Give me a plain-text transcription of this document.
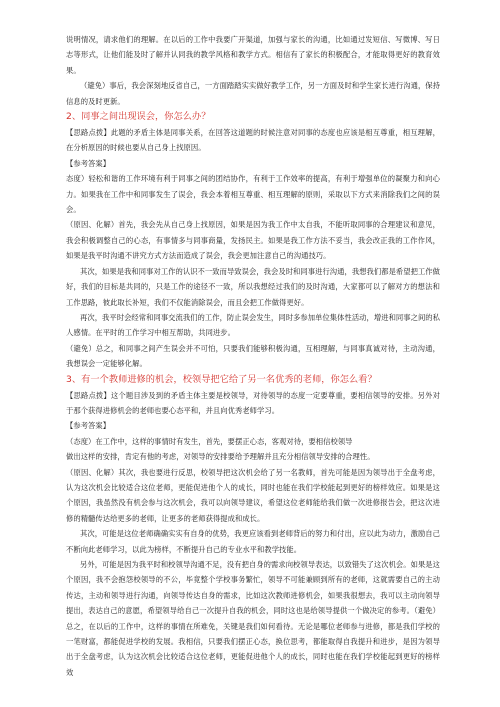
说明情况，请求他们的理解。在以后的工作中我要广开渠道，加强与家长的沟通，比如通过发短信、写微博、写日志等形式，让他们能及时了解并认同我的教学风格和教学方式。相信有了家长的积极配合，才能取得更好的教育效果。

（避免）事后，我会深刻地反省自己，一方面踏踏实实做好教学工作，另一方面及时和学生家长进行沟通，保持信息的及时更新。

2、同事之间出现误会，你怎么办？

【思路点拨】此题的矛盾主体是同事关系，在回答这道题的时候注意对同事的态度也应该是相互尊重，相互理解，在分析原因的时候也要从自己身上找原因。

【参考答案】

态度）轻松和谐的工作环境有利于同事之间的团结协作，有利于工作效率的提高，有利于增强单位的凝聚力和向心力。如果我在工作中和同事发生了误会，我会本着相互尊重、相互理解的原则，采取以下方式来消除我们之间的误会。

（原因、化解）首先，我会先从自己身上找原因，如果是因为我工作中太自我，不能听取同事的合理建议和意见，我会积极调整自己的心态，有事情多与同事商量，发扬民主。如果是我工作方法不妥当，我会改正我的工作作风，如果是我平时沟通不讲究方式方法而造成了误会，我会更加注意自己的沟通技巧。

其次，如果是我和同事对工作的认识不一致而导致误会，我会及时和同事进行沟通，我想我们都是希望把工作做好，我们的目标是共同的，只是工作的途径不一致，所以我想经过我们的及时沟通，大家都可以了解对方的想法和工作思路，彼此取长补短，我们不仅能消除误会，而且会把工作做得更好。

再次，我平时会经常和同事交流我们的工作，防止误会发生，同时多参加单位集体性活动，增进和同事之间的私人感情。在平时的工作学习中相互帮助，共同进步。

（避免）总之，和同事之间产生误会并不可怕，只要我们能够积极沟通，互相理解，与同事真诚对待，主动沟通，我想误会一定能够化解。

3、有一个教师进修的机会，校领导把它给了另一名优秀的老师，你怎么看？

【思路点拨】这个题目涉及到的矛盾主体主要是校领导，对待领导的态度一定要尊重，要相信领导的安排。另外对于那个获得进修机会的老师也要心态平和，并且向优秀老师学习。

【参考答案】

（态度）在工作中，这样的事情时有发生，首先，要摆正心态，客观对待，要相信校领导

做出这样的安排，肯定有他的考虑，对领导的安排要给予理解并且充分相信领导安排的合理性。

（原因、化解）其次，我也要进行反思，校领导把这次机会给了另一名教师，首先可能是因为领导出于全盘考虑，认为这次机会比较适合这位老师，更能促进他个人的成长，同时也能在我们学校能起到更好的榜样效应。如果是这个原因，我虽然没有机会参与这次机会，我可以向领导建议，希望这位老师能给我们做一次进修报告会，把这次进修的精髓传达给更多的老师，让更多的老师获得提成和成长。

其次，可能是这位老师确确实实有自身的优势，我更应该看到老师背后的努力和付出，应以此为动力，激励自己不断向此老师学习，以此为榜样，不断提升自己的专业水平和教学技能。

另外，可能是因为我平时和校领导沟通不足，没有把自身的需求向校领导表达，以致错失了这次机会。如果是这个原因，我不会抱怨校领导的不公，毕竟整个学校事务繁忙，领导不可能兼顾到所有的老师，这就需要自己的主动传达，主动和领导进行沟通，向领导传达自身的需求，比如这次教师进修机会，如果我很想去，我可以主动向领导提出，表达自己的意愿，希望领导给自己一次提升自我的机会，同时这也是给领导提供一个做决定的参考。（避免）总之，在以后的工作中，这样的事情在所难免，关键是我们如何看待。无论是哪位老师参与进修，都是我们学校的一笔财富，都能促进学校的发展。我相信，只要我们摆正心态，换位思考，都能取得自我提升和进步，是因为领导出于全盘考虑，认为这次机会比较适合这位老师，更能促进他个人的成长，同时也能在我们学校能起到更好的榜样效
